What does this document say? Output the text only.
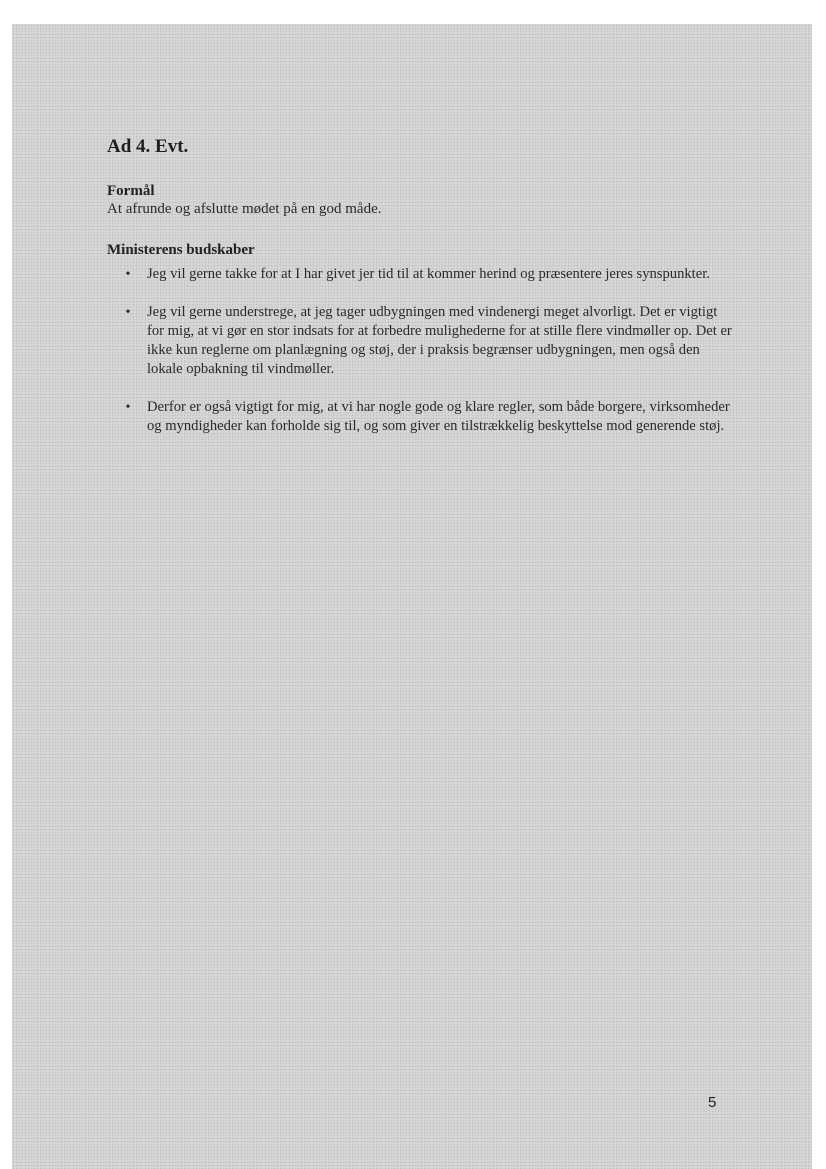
Ad 4. Evt.
Formål
At afrunde og afslutte mødet på en god måde.
Ministerens budskaber
•	Jeg vil gerne takke for at I har givet jer tid til at kommer herind og præsentere jeres synspunkter.
•	Jeg vil gerne understrege, at jeg tager udbygningen med vindenergi meget alvorligt. Det er vigtigt for mig, at vi gør en stor indsats for at forbedre mulighederne for at stille flere vindmøller op. Det er ikke kun reglerne om planlægning og støj, der i praksis begrænser udbygningen, men også den lokale opbakning til vindmøller.
•	Derfor er også vigtigt for mig, at vi har nogle gode og klare regler, som både borgere, virksomheder og myndigheder kan forholde sig til, og som giver en tilstrækkelig beskyttelse mod generende støj.
5
